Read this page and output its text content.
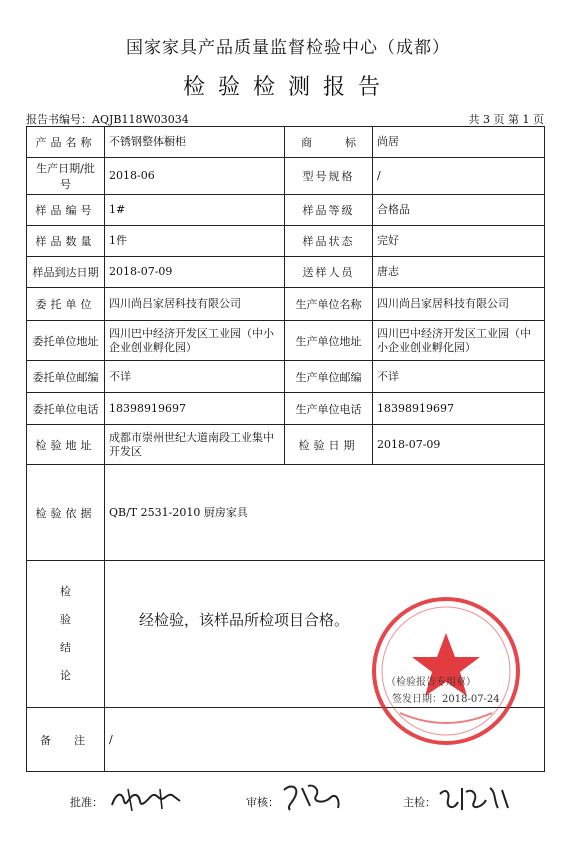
国家家具产品质量监督检验中心（成都）
检验检测报告
报告书编号：AQJB118W03034	共 3 页 第 1 页
产品名称	不锈钢整体橱柜	商　　　标	尚居
生产日期/批号	2018-06	型号规格	/
样品编号	1#	样品等级	合格品
样品数量	1件	样品状态	完好
样品到达日期	2018-07-09	送样人员	唐志
委托单位	四川尚吕家居科技有限公司	生产单位名称	四川尚吕家居科技有限公司
委托单位地址	四川巴中经济开发区工业园（中小企业创业孵化园）	生产单位地址	四川巴中经济开发区工业园（中小企业创业孵化园）
委托单位邮编	不详	生产单位邮编	不详
委托单位电话	18398919697	生产单位电话	18398919697
检验地址	成都市崇州世纪大道南段工业集中开发区	检验日期	2018-07-09
检验依据	QB/T 2531-2010 厨房家具		

检
验
结
论	经检验，该样品所检项目合格。		

备　注	/		
（检验报告专用章）
签发日期：2018-07-24
批准：	审核：	主检：
